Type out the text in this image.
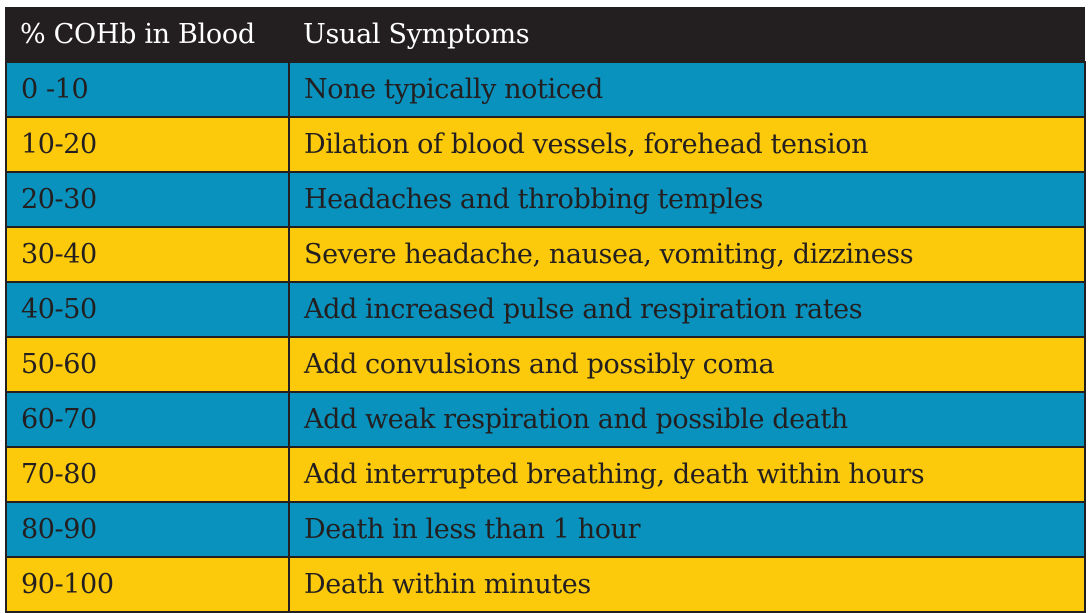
% COHb in Blood	Usual Symptoms
0 -10	None typically noticed
10-20	Dilation of blood vessels, forehead tension
20-30	Headaches and throbbing temples
30-40	Severe headache, nausea, vomiting, dizziness
40-50	Add increased pulse and respiration rates
50-60	Add convulsions and possibly coma
60-70	Add weak respiration and possible death
70-80	Add interrupted breathing, death within hours
80-90	Death in less than 1 hour
90-100	Death within minutes
